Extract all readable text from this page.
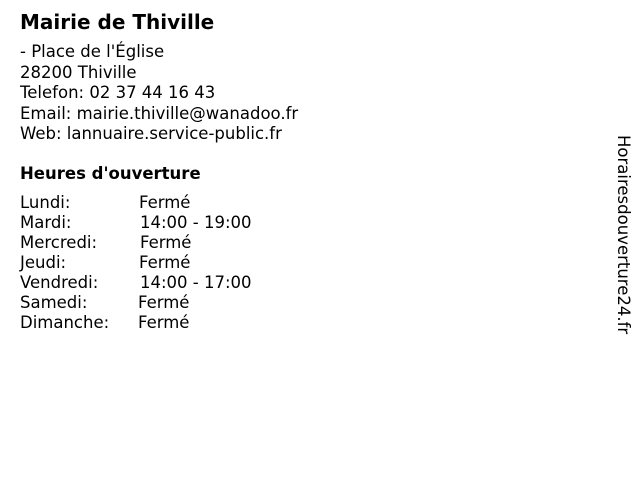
Mairie de Thiville
- Place de l'Église
28200 Thiville
Telefon: 02 37 44 16 43
Email: mairie.thiville@wanadoo.fr
Web: lannuaire.service-public.fr
Heures d'ouverture
Lundi:	Fermé
Mardi:	14:00 - 19:00
Mercredi:	Fermé
Jeudi:	Fermé
Vendredi:	14:00 - 17:00
Samedi:	Fermé
Dimanche: Fermé	Horairesdouverture24.fr
